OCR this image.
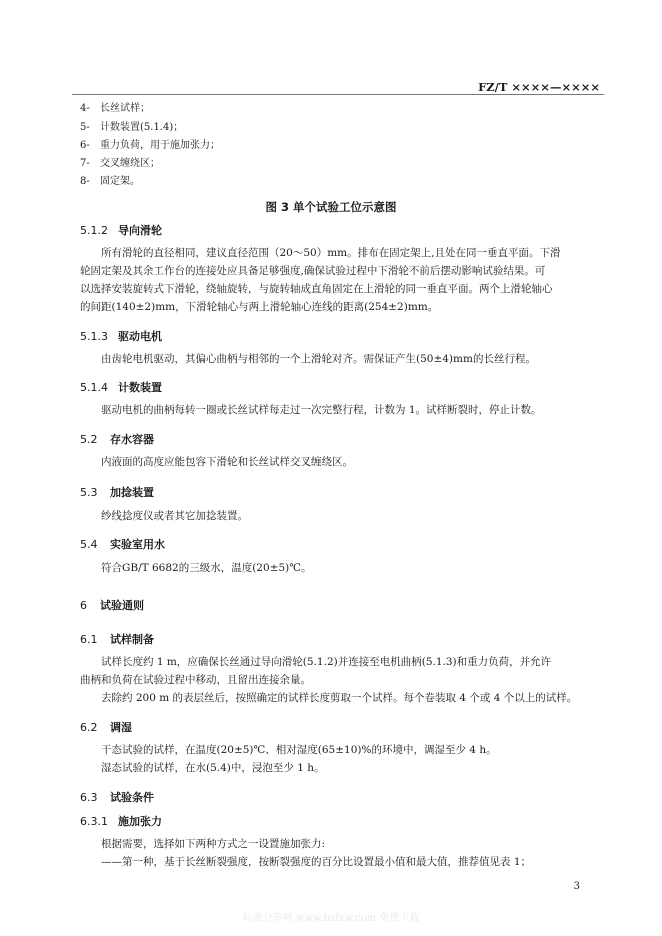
FZ/T ××××—××××
4- 长丝试样；
5- 计数装置(5.1.4)；
6- 重力负荷，用于施加张力；
7- 交叉缠绕区；
8- 固定架。
图 3 单个试验工位示意图
5.1.2 导向滑轮
所有滑轮的直径相同，建议直径范围（20～50）mm。排布在固定架上,且处在同一垂直平面。下滑
轮固定架及其余工作台的连接处应具备足够强度,确保试验过程中下滑轮不前后摆动影响试验结果。可
以选择安装旋转式下滑轮，绕轴旋转，与旋转轴成直角固定在上滑轮的同一垂直平面。两个上滑轮轴心
的间距(140±2)mm，下滑轮轴心与两上滑轮轴心连线的距离(254±2)mm。
5.1.3 驱动电机
由齿轮电机驱动，其偏心曲柄与相邻的一个上滑轮对齐。需保证产生(50±4)mm的长丝行程。
5.1.4 计数装置
驱动电机的曲柄每转一圈或长丝试样每走过一次完整行程，计数为 1。试样断裂时，停止计数。
5.2 存水容器
内液面的高度应能包容下滑轮和长丝试样交叉缠绕区。
5.3 加捻装置
纱线捻度仪或者其它加捻装置。
5.4 实验室用水
符合GB/T 6682的三级水，温度(20±5)℃。
6 试验通则
6.1 试样制备
试样长度约 1 m，应确保长丝通过导向滑轮(5.1.2)并连接至电机曲柄(5.1.3)和重力负荷，并允许
曲柄和负荷在试验过程中移动，且留出连接余量。
去除约 200 m 的表层丝后，按照确定的试样长度剪取一个试样。每个卷装取 4 个或 4 个以上的试样。
6.2 调湿
干态试验的试样，在温度(20±5)℃、相对湿度(65±10)%的环境中，调湿至少 4 h。
湿态试验的试样，在水(5.4)中，浸泡至少 1 h。
6.3 试验条件
6.3.1 施加张力
根据需要，选择如下两种方式之一设置施加张力:
——第一种，基于长丝断裂强度，按断裂强度的百分比设置最小值和最大值，推荐值见表 1；
3
标准分享网 www.bzfxw.com 免费下载
